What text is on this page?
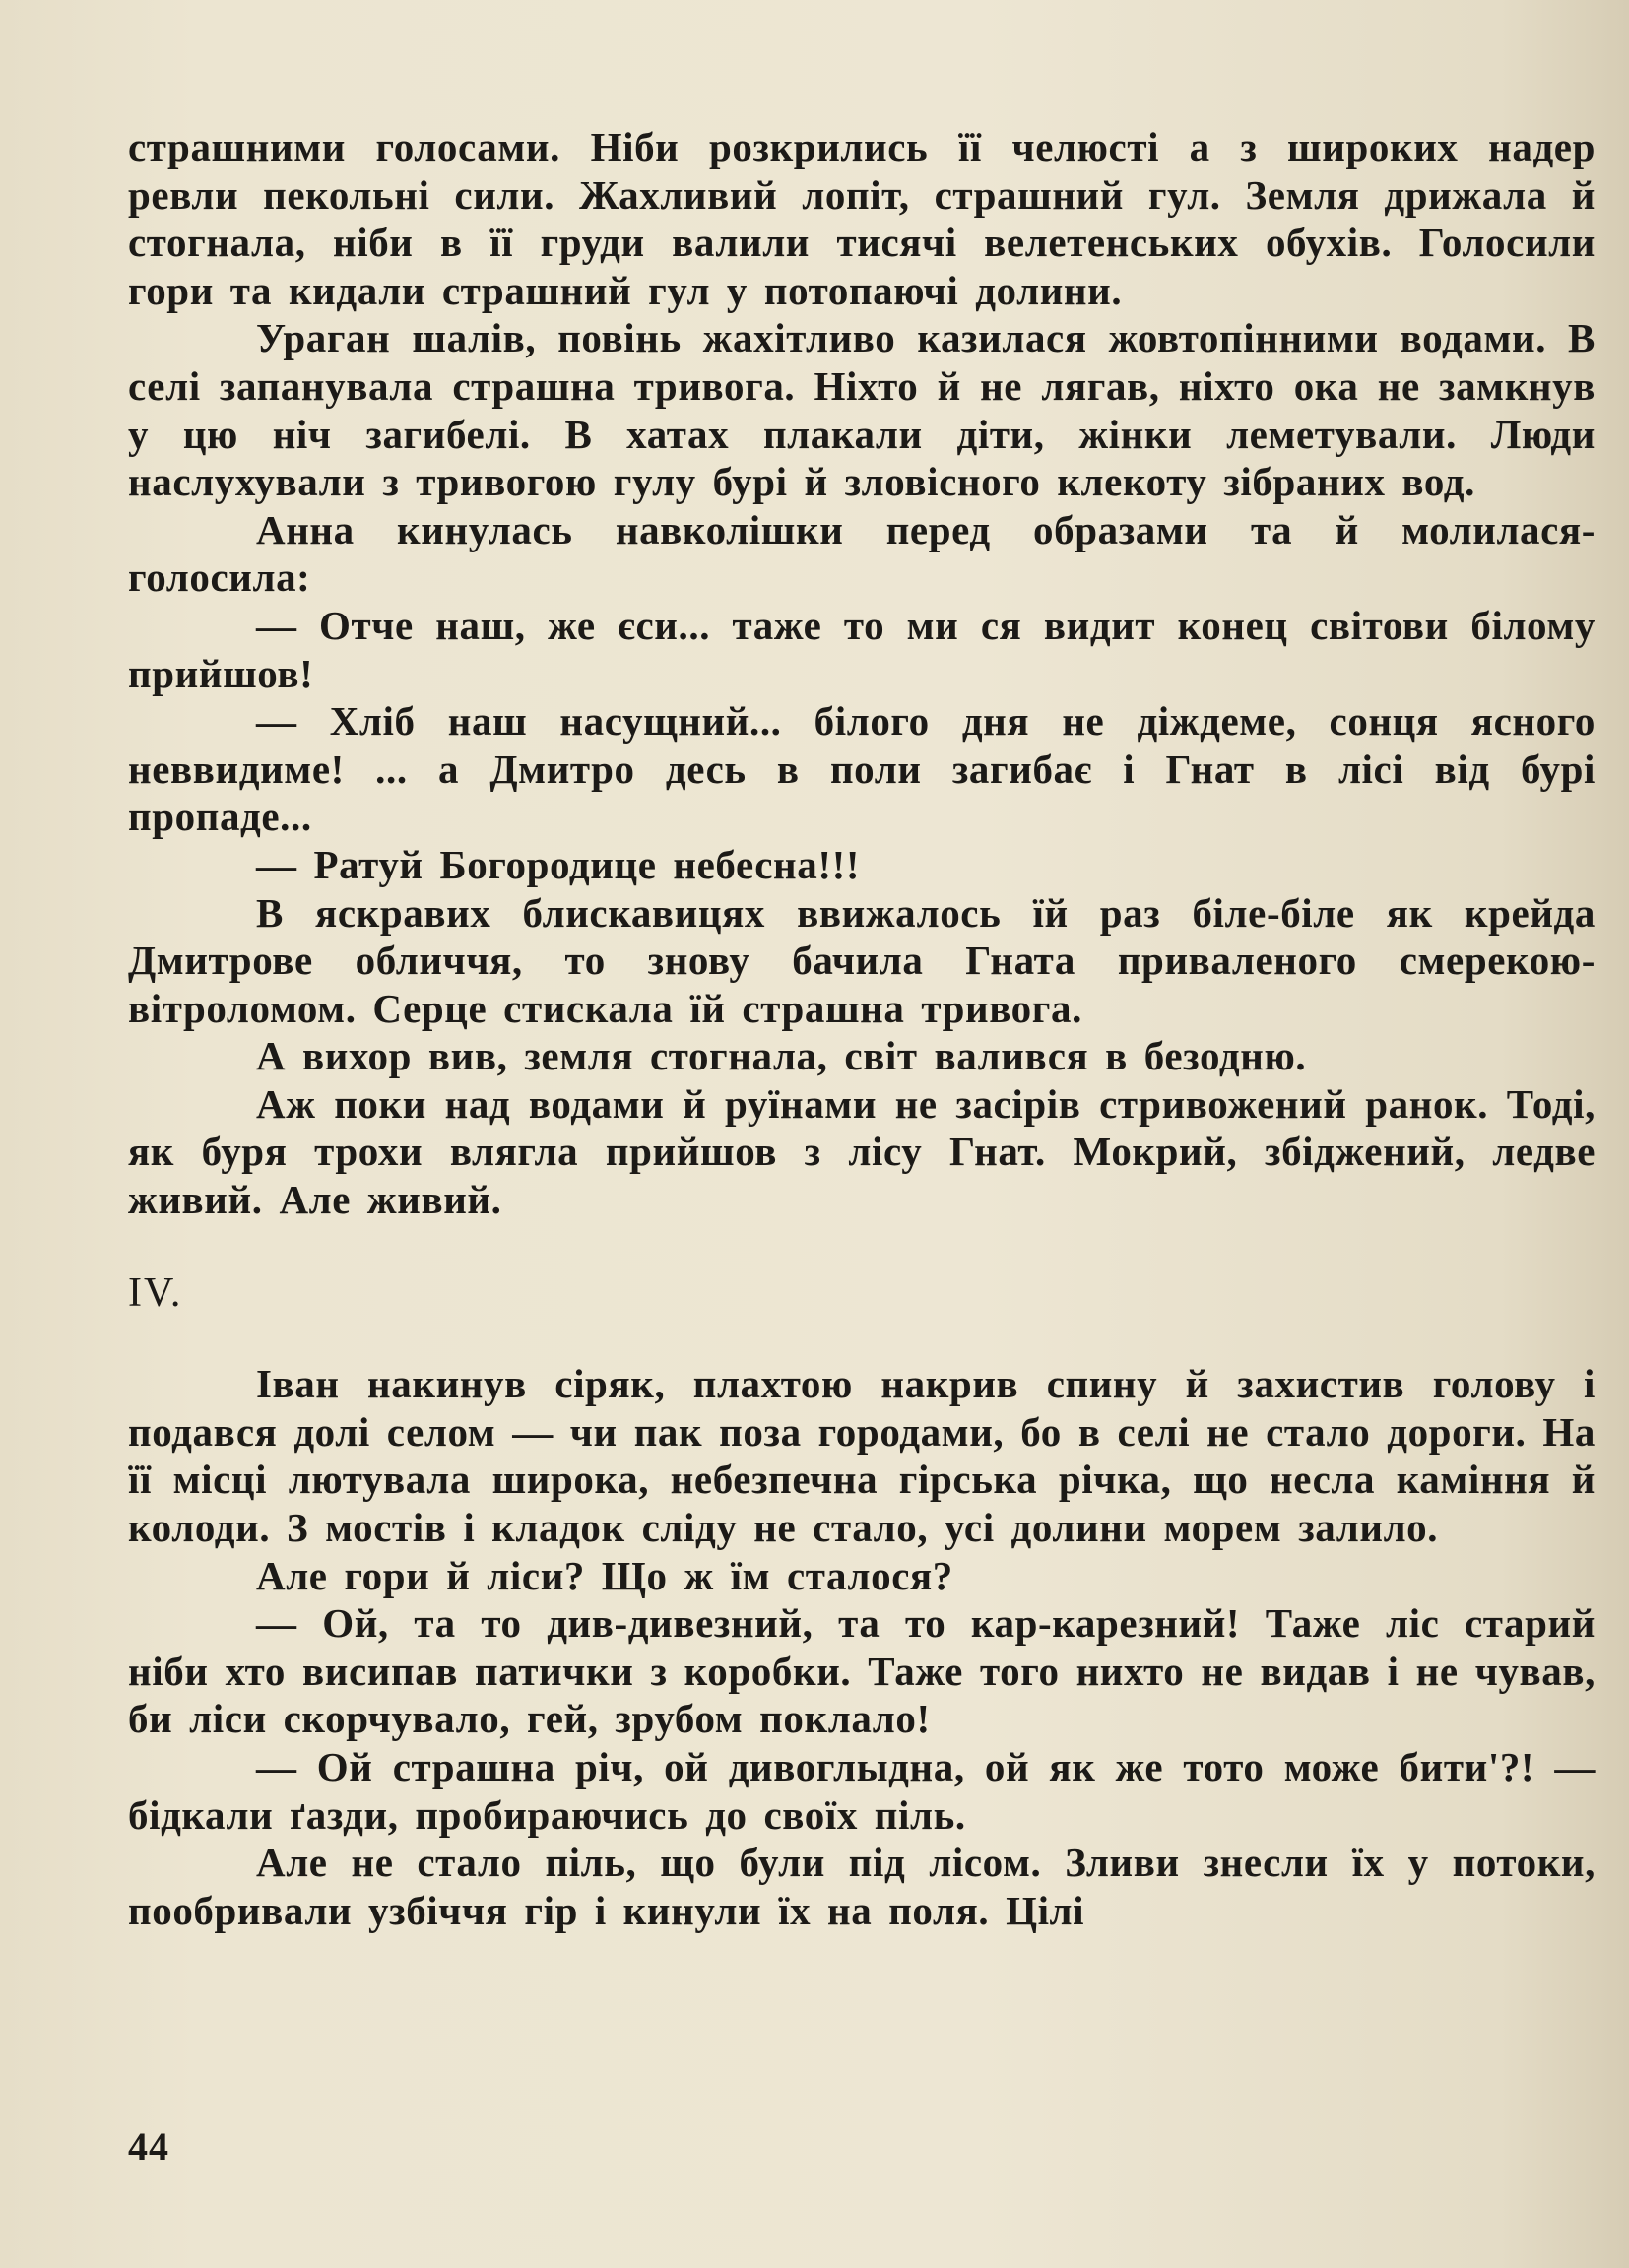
страшними голосами. Ніби розкрились її челюсті а з широких надер ревли пекольні сили. Жахливий лопіт, страшний гул. Земля дрижала й стогнала, ніби в її груди валили тисячі велетенських обухів. Голосили гори та кидали страшний гул у потопаючі долини.

Ураган шалів, повінь жахітливо казилася жовтопінними водами. В селі запанувала страшна тривога. Ніхто й не лягав, ніхто ока не замкнув у цю ніч загибелі. В хатах плакали діти, жінки леметували. Люди наслухували з тривогою гулу бурі й зловісного клекоту зібраних вод.

Анна кинулась навколішки перед образами та й молилася-голосила:

— Отче наш, же єси... таже то ми ся видит конец світови білому прийшов!

— Хліб наш насущний... білого дня не діждеме, сонця ясного неввидиме! ... а Дмитро десь в поли загибає і Гнат в лісі від бурі пропаде...

— Ратуй Богородице небесна!!!

В яскравих блискавицях ввижалось їй раз біле-біле як крейда Дмитрове обличчя, то знову бачила Гната приваленого смерекою-вітроломом. Серце стискала їй страшна тривога.

А вихор вив, земля стогнала, світ валився в безодню.

Аж поки над водами й руїнами не засірів стривожений ранок. Тоді, як буря трохи влягла прийшов з лісу Гнат. Мокрий, збіджений, ледве живий. Але живий.

IV.

Іван накинув сіряк, плахтою накрив спину й захистив голову і подався долі селом — чи пак поза городами, бо в селі не стало дороги. На її місці лютувала широка, небезпечна гірська річка, що несла каміння й колоди. З мостів і кладок сліду не стало, усі долини морем залило.

Але гори й ліси? Що ж їм сталося?

— Ой, та то див-дивезний, та то кар-карезний! Таже ліс старий ніби хто висипав патички з коробки. Таже того нихто не видав і не чував, би ліси скорчувало, гей, зрубом поклало!

— Ой страшна річ, ой дивоглыдна, ой як же тото може бити'?! — бідкали ґазди, пробираючись до своїх піль.

Але не стало піль, що були під лісом. Зливи знесли їх у потоки, пообривали узбіччя гір і кинули їх на поля. Цілі

44
